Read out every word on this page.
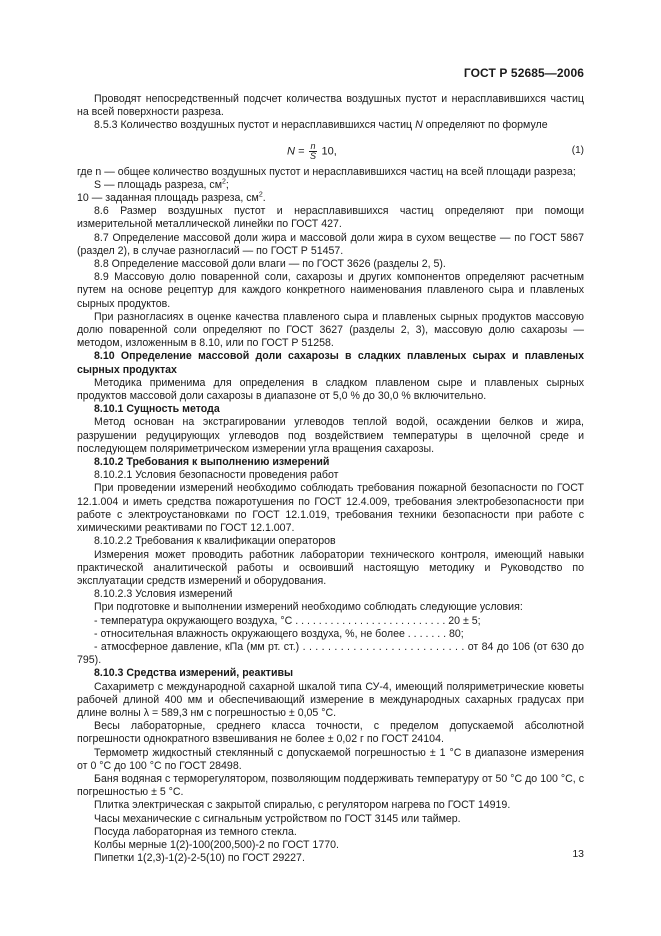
ГОСТ Р 52685—2006

Проводят непосредственный подсчет количества воздушных пустот и нерасплавившихся частиц на всей поверхности разреза.

8.5.3 Количество воздушных пустот и нерасплавившихся частиц N определяют по формуле

$N = \frac{n}{S} 10$,	(1)

где n — общее количество воздушных пустот и нерасплавившихся частиц на всей площади разреза;

S — площадь разреза, $см^2$;

10 — заданная площадь разреза, $см^2$.

8.6 Размер воздушных пустот и нерасплавившихся частиц определяют при помощи измерительной металлической линейки по ГОСТ 427.

8.7 Определение массовой доли жира и массовой доли жира в сухом веществе — по ГОСТ 5867 (раздел 2), в случае разногласий — по ГОСТ Р 51457.

8.8 Определение массовой доли влаги — по ГОСТ 3626 (разделы 2, 5).

8.9 Массовую долю поваренной соли, сахарозы и других компонентов определяют расчетным путем на основе рецептур для каждого конкретного наименования плавленого сыра и плавленых сырных продуктов.

При разногласиях в оценке качества плавленого сыра и плавленых сырных продуктов массовую долю поваренной соли определяют по ГОСТ 3627 (разделы 2, 3), массовую долю сахарозы — методом, изложенным в 8.10, или по ГОСТ Р 51258.

8.10 Определение массовой доли сахарозы в сладких плавленых сырах и плавленых сырных продуктах

Методика применима для определения в сладком плавленом сыре и плавленых сырных продуктов массовой доли сахарозы в диапазоне от 5,0 % до 30,0 % включительно.

8.10.1 Сущность метода

Метод основан на экстрагировании углеводов теплой водой, осаждении белков и жира, разрушении редуцирующих углеводов под воздействием температуры в щелочной среде и последующем поляриметрическом измерении угла вращения сахарозы.

8.10.2 Требования к выполнению измерений

8.10.2.1 Условия безопасности проведения работ

При проведении измерений необходимо соблюдать требования пожарной безопасности по ГОСТ 12.1.004 и иметь средства пожаротушения по ГОСТ 12.4.009, требования электробезопасности при работе с электроустановками по ГОСТ 12.1.019, требования техники безопасности при работе с химическими реактивами по ГОСТ 12.1.007.

8.10.2.2 Требования к квалификации операторов

Измерения может проводить работник лаборатории технического контроля, имеющий навыки практической аналитической работы и освоивший настоящую методику и Руководство по эксплуатации средств измерений и оборудования.

8.10.2.3 Условия измерений

При подготовке и выполнении измерений необходимо соблюдать следующие условия:

- температура окружающего воздуха, °С . . . . . . . . . . . . . . . . . . . . . . . . . . 20 ± 5;

- относительная влажность окружающего воздуха, %, не более . . . . . . . 80;

- атмосферное давление, кПа (мм рт. ст.) . . . . . . . . . . . . . . . . . . . . . . . . . . от 84 до 106 (от 630 до 795).

8.10.3 Средства измерений, реактивы

Сахариметр с международной сахарной шкалой типа СУ-4, имеющий поляриметрические кюветы рабочей длиной 400 мм и обеспечивающий измерение в международных сахарных градусах при длине волны λ = 589,3 нм с погрешностью ± 0,05 °С.

Весы лабораторные, среднего класса точности, с пределом допускаемой абсолютной погрешности однократного взвешивания не более ± 0,02 г по ГОСТ 24104.

Термометр жидкостный стеклянный с допускаемой погрешностью ± 1 °С в диапазоне измерения от 0 °С до 100 °С по ГОСТ 28498.

Баня водяная с терморегулятором, позволяющим поддерживать температуру от 50 °С до 100 °С, с погрешностью ± 5 °С.

Плитка электрическая с закрытой спиралью, с регулятором нагрева по ГОСТ 14919.

Часы механические с сигнальным устройством по ГОСТ 3145 или таймер.

Посуда лабораторная из темного стекла.

Колбы мерные 1(2)-100(200,500)-2 по ГОСТ 1770.

Пипетки 1(2,3)-1(2)-2-5(10) по ГОСТ 29227.	13
